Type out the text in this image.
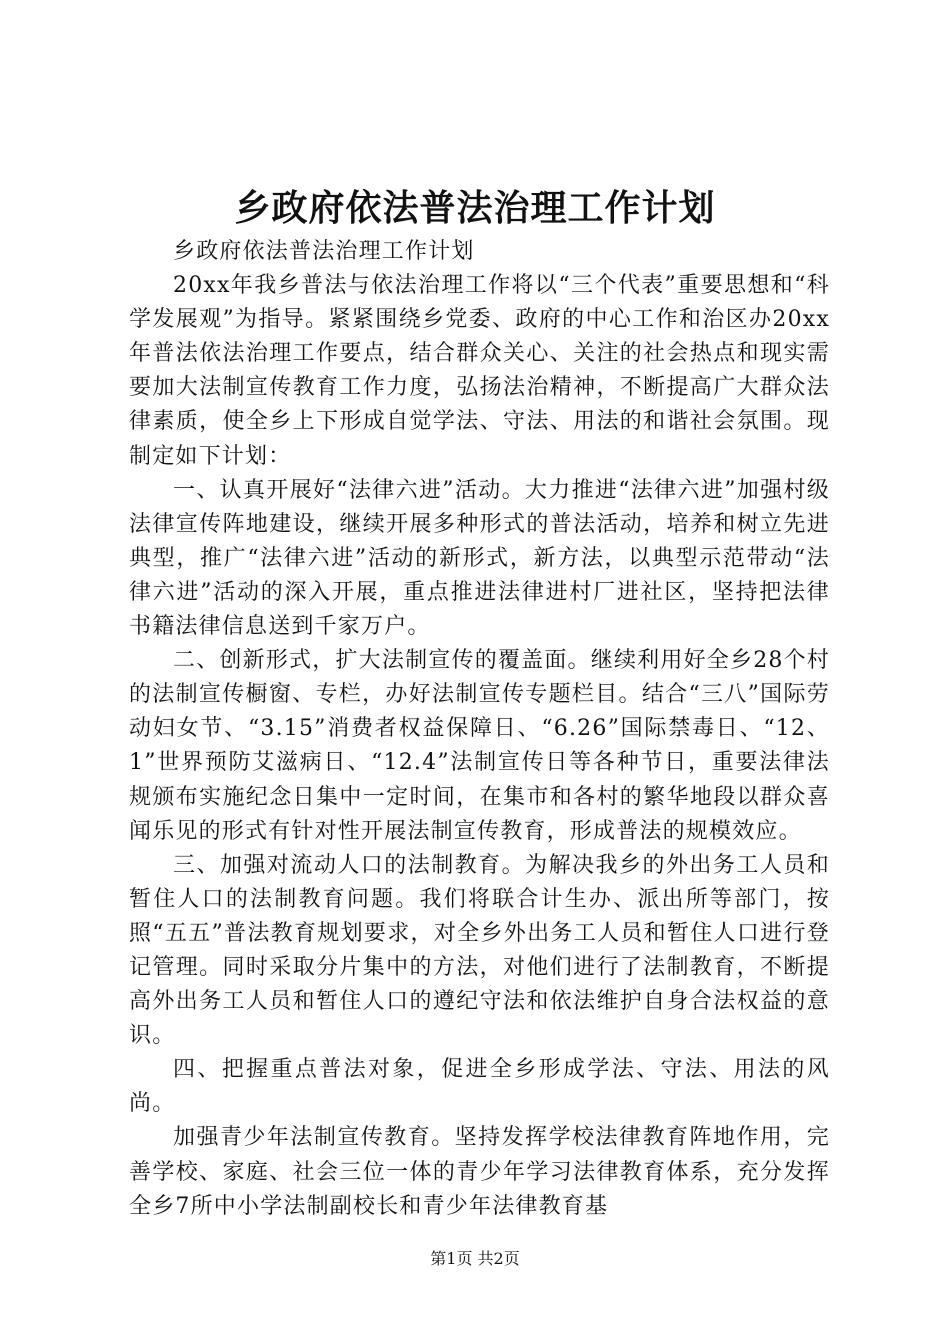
乡政府依法普法治理工作计划

乡政府依法普法治理工作计划

20xx年我乡普法与依法治理工作将以“三个代表”重要思想和“科学发展观”为指导。紧紧围绕乡党委、政府的中心工作和治区办20xx年普法依法治理工作要点，结合群众关心、关注的社会热点和现实需要加大法制宣传教育工作力度，弘扬法治精神，不断提高广大群众法律素质，使全乡上下形成自觉学法、守法、用法的和谐社会氛围。现制定如下计划：

一、认真开展好“法律六进”活动。大力推进“法律六进”加强村级法律宣传阵地建设，继续开展多种形式的普法活动，培养和树立先进典型，推广“法律六进”活动的新形式，新方法，以典型示范带动“法律六进”活动的深入开展，重点推进法律进村厂进社区，坚持把法律书籍法律信息送到千家万户。

二、创新形式，扩大法制宣传的覆盖面。继续利用好全乡28个村的法制宣传橱窗、专栏，办好法制宣传专题栏目。结合“三八”国际劳动妇女节、“3.15”消费者权益保障日、“6.26”国际禁毒日、“12、1”世界预防艾滋病日、“12.4”法制宣传日等各种节日，重要法律法规颁布实施纪念日集中一定时间，在集市和各村的繁华地段以群众喜闻乐见的形式有针对性开展法制宣传教育，形成普法的规模效应。

三、加强对流动人口的法制教育。为解决我乡的外出务工人员和暂住人口的法制教育问题。我们将联合计生办、派出所等部门，按照“五五”普法教育规划要求，对全乡外出务工人员和暂住人口进行登记管理。同时采取分片集中的方法，对他们进行了法制教育，不断提高外出务工人员和暂住人口的遵纪守法和依法维护自身合法权益的意识。

四、把握重点普法对象，促进全乡形成学法、守法、用法的风尚。

加强青少年法制宣传教育。坚持发挥学校法律教育阵地作用，完善学校、家庭、社会三位一体的青少年学习法律教育体系，充分发挥全乡7所中小学法制副校长和青少年法律教育基

第1页 共2页
